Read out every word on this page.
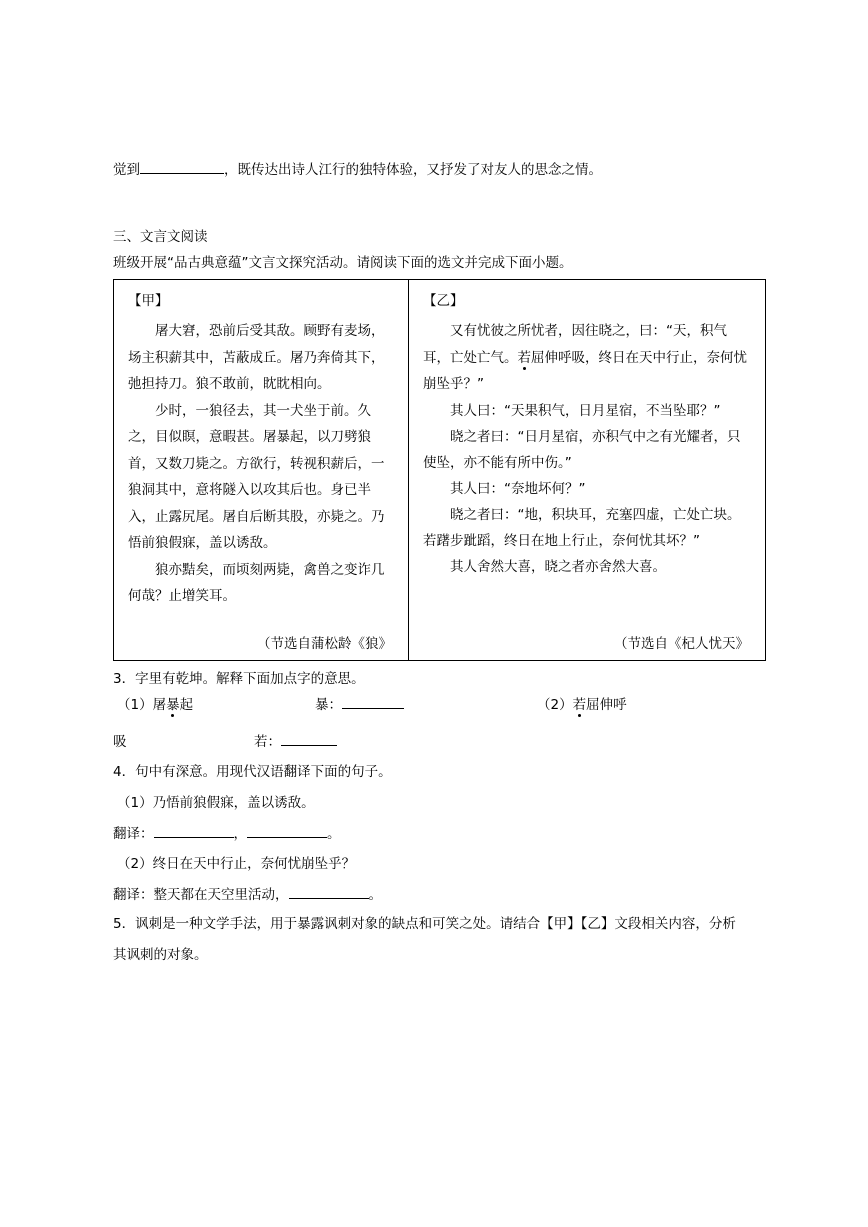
觉到	，既传达出诗人江行的独特体验，又抒发了对友人的思念之情。
三、文言文阅读
班级开展“品古典意蕴”文言文探究活动。请阅读下面的选文并完成下面小题。
【甲】

屠大窘，恐前后受其敌。顾野有麦场，场主积薪其中，苫蔽成丘。屠乃奔倚其下，弛担持刀。狼不敢前，眈眈相向。

少时，一狼径去，其一犬坐于前。久之，目似瞑，意暇甚。屠暴起，以刀劈狼首，又数刀毙之。方欲行，转视积薪后，一狼洞其中，意将隧入以攻其后也。身已半入，止露尻尾。屠自后断其股，亦毙之。乃悟前狼假寐，盖以诱敌。

狼亦黠矣，而顷刻两毙，禽兽之变诈几何哉？止增笑耳。

（节选自蒲松龄《狼》

【乙】

又有忧彼之所忧者，因往晓之，曰：“天，积气耳，亡处亡气。若屈伸呼吸，终日在天中行止，奈何忧崩坠乎？”

其人曰：“天果积气，日月星宿，不当坠耶？”

晓之者曰：“日月星宿，亦积气中之有光耀者，只使坠，亦不能有所中伤。”

其人曰：“奈地坏何？”

晓之者曰：“地，积块耳，充塞四虚，亡处亡块。若躇步跐蹈，终日在地上行止，奈何忧其坏？”

其人舍然大喜，晓之者亦舍然大喜。

（节选自《杞人忧天》
3．字里有乾坤。解释下面加点字的意思。
（1）屠暴起	暴：	（2）若屈伸呼
吸	若：
4．句中有深意。用现代汉语翻译下面的句子。
（1）乃悟前狼假寐，盖以诱敌。
翻译：	，	。
（2）终日在天中行止，奈何忧崩坠乎？
翻译：整天都在天空里活动，	。
5．讽刺是一种文学手法，用于暴露讽刺对象的缺点和可笑之处。请结合【甲】【乙】文段相关内容，分析
其讽刺的对象。
